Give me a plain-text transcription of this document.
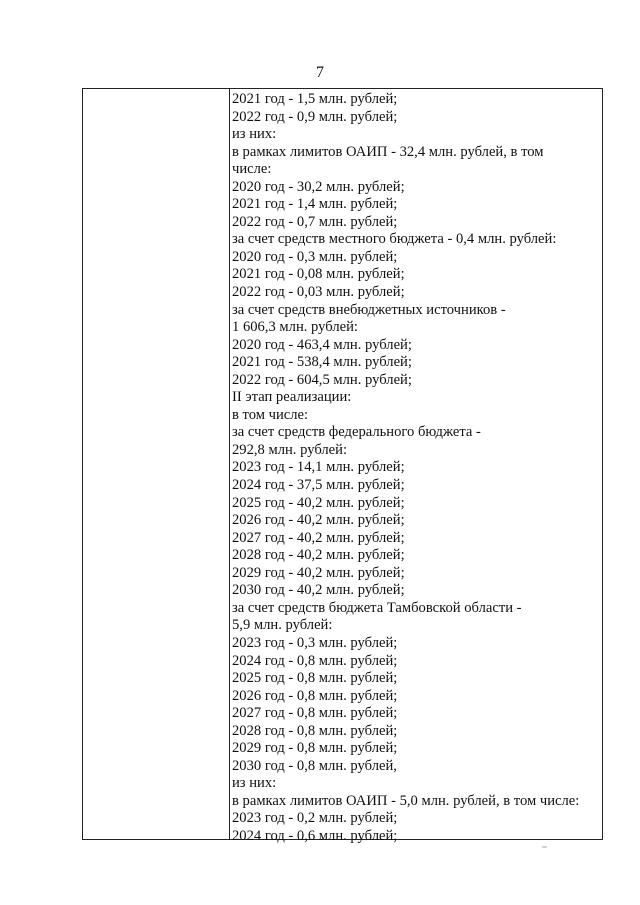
7
2021 год - 1,5 млн. рублей;
2022 год - 0,9 млн. рублей;
из них:
в рамках лимитов ОАИП - 32,4 млн. рублей, в том
числе:
2020 год - 30,2 млн. рублей;
2021 год - 1,4 млн. рублей;
2022 год - 0,7 млн. рублей;
за счет средств местного бюджета - 0,4 млн. рублей:
2020 год - 0,3 млн. рублей;
2021 год - 0,08 млн. рублей;
2022 год - 0,03 млн. рублей;
за счет средств внебюджетных источников -
1 606,3 млн. рублей:
2020 год - 463,4 млн. рублей;
2021 год - 538,4 млн. рублей;
2022 год - 604,5 млн. рублей;
II этап реализации:
в том числе:
за счет средств федерального бюджета -
292,8 млн. рублей:
2023 год - 14,1 млн. рублей;
2024 год - 37,5 млн. рублей;
2025 год - 40,2 млн. рублей;
2026 год - 40,2 млн. рублей;
2027 год - 40,2 млн. рублей;
2028 год - 40,2 млн. рублей;
2029 год - 40,2 млн. рублей;
2030 год - 40,2 млн. рублей;
за счет средств бюджета Тамбовской области -
5,9 млн. рублей:
2023 год - 0,3 млн. рублей;
2024 год - 0,8 млн. рублей;
2025 год - 0,8 млн. рублей;
2026 год - 0,8 млн. рублей;
2027 год - 0,8 млн. рублей;
2028 год - 0,8 млн. рублей;
2029 год - 0,8 млн. рублей;
2030 год - 0,8 млн. рублей,
из них:
в рамках лимитов ОАИП - 5,0 млн. рублей, в том числе:
2023 год - 0,2 млн. рублей;
2024 год - 0,6 млн. рублей;
